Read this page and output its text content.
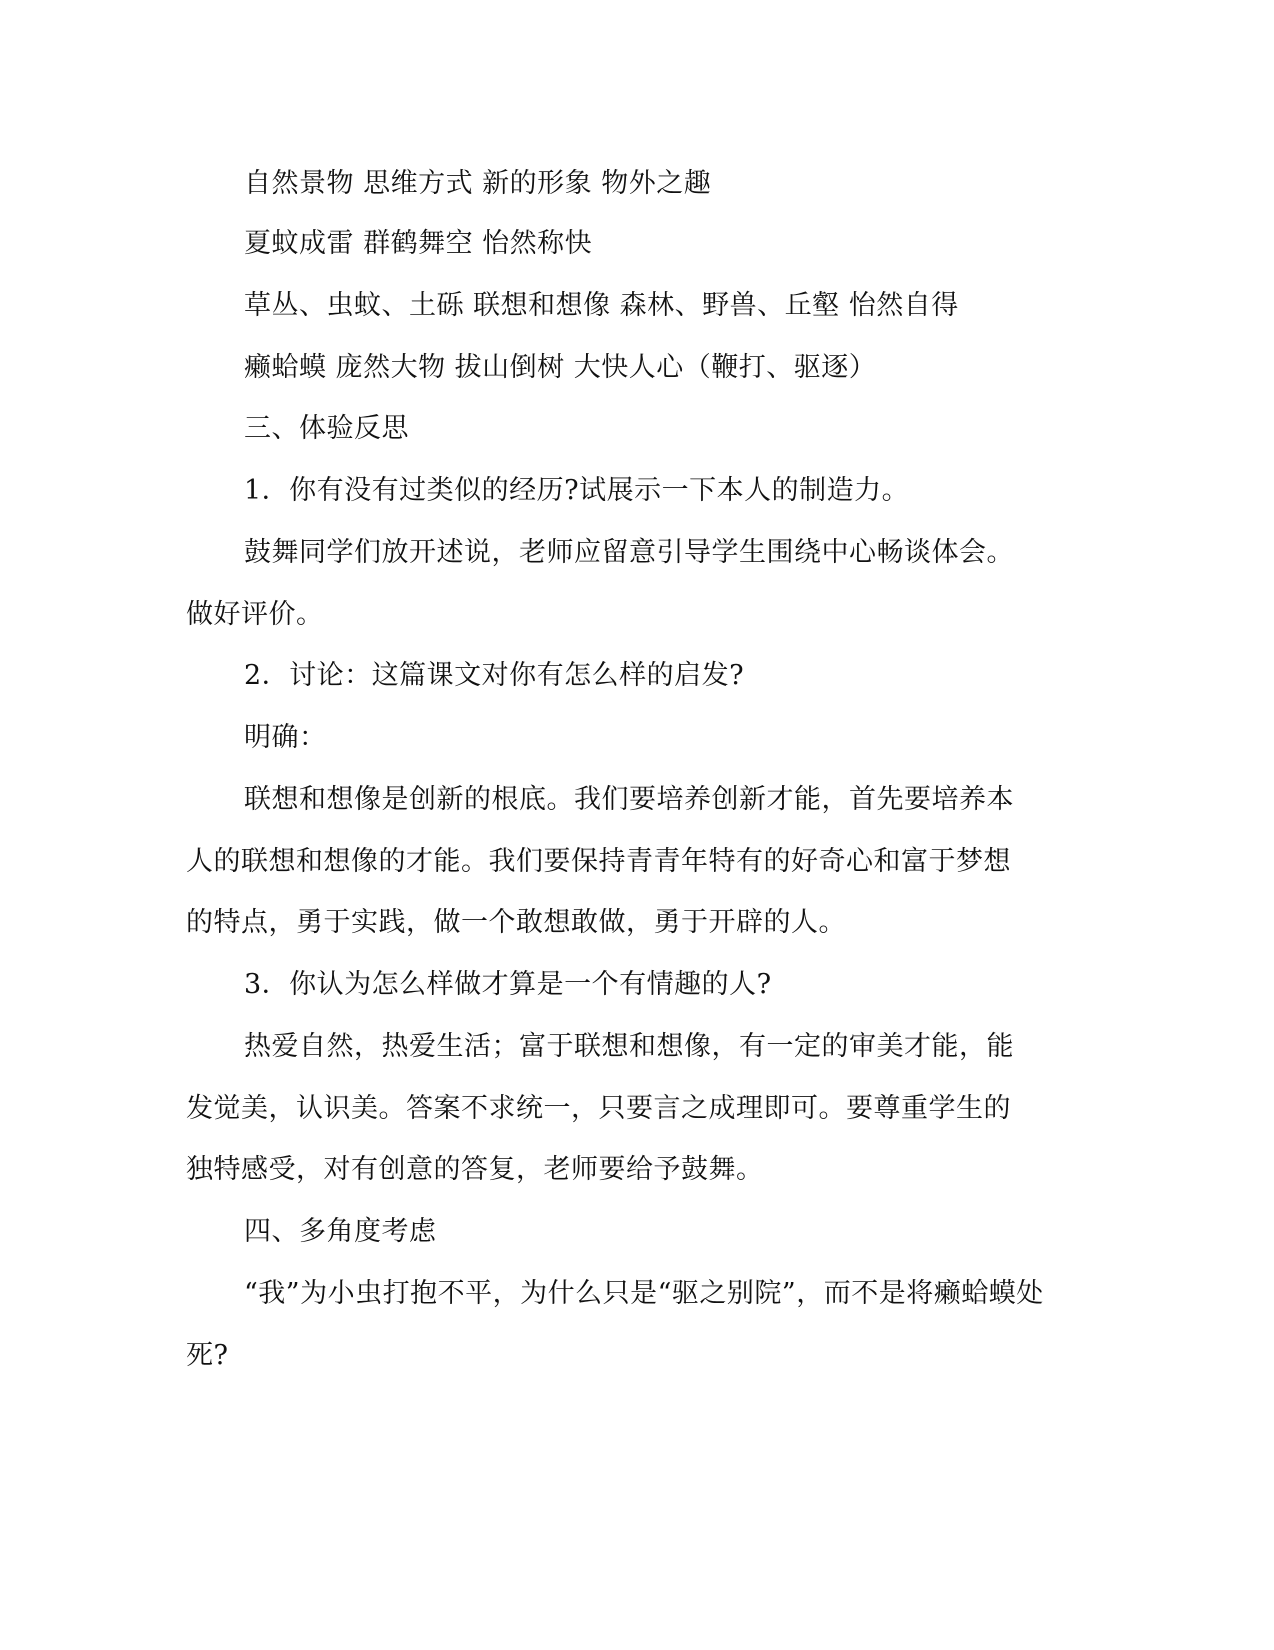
自然景物 思维方式 新的形象 物外之趣
夏蚊成雷 群鹤舞空 怡然称快
草丛、虫蚊、土砾 联想和想像 森林、野兽、丘壑 怡然自得
癞蛤蟆 庞然大物 拔山倒树 大快人心（鞭打、驱逐）
三、体验反思
1．你有没有过类似的经历?试展示一下本人的制造力。
鼓舞同学们放开述说，老师应留意引导学生围绕中心畅谈体会。
做好评价。
2．讨论：这篇课文对你有怎么样的启发?
明确：
联想和想像是创新的根底。我们要培养创新才能，首先要培养本
人的联想和想像的才能。我们要保持青青年特有的好奇心和富于梦想
的特点，勇于实践，做一个敢想敢做，勇于开辟的人。
3．你认为怎么样做才算是一个有情趣的人?
热爱自然，热爱生活；富于联想和想像，有一定的审美才能，能
发觉美，认识美。答案不求统一，只要言之成理即可。要尊重学生的
独特感受，对有创意的答复，老师要给予鼓舞。
四、多角度考虑
“我”为小虫打抱不平，为什么只是“驱之别院”，而不是将癞蛤蟆处
死?
